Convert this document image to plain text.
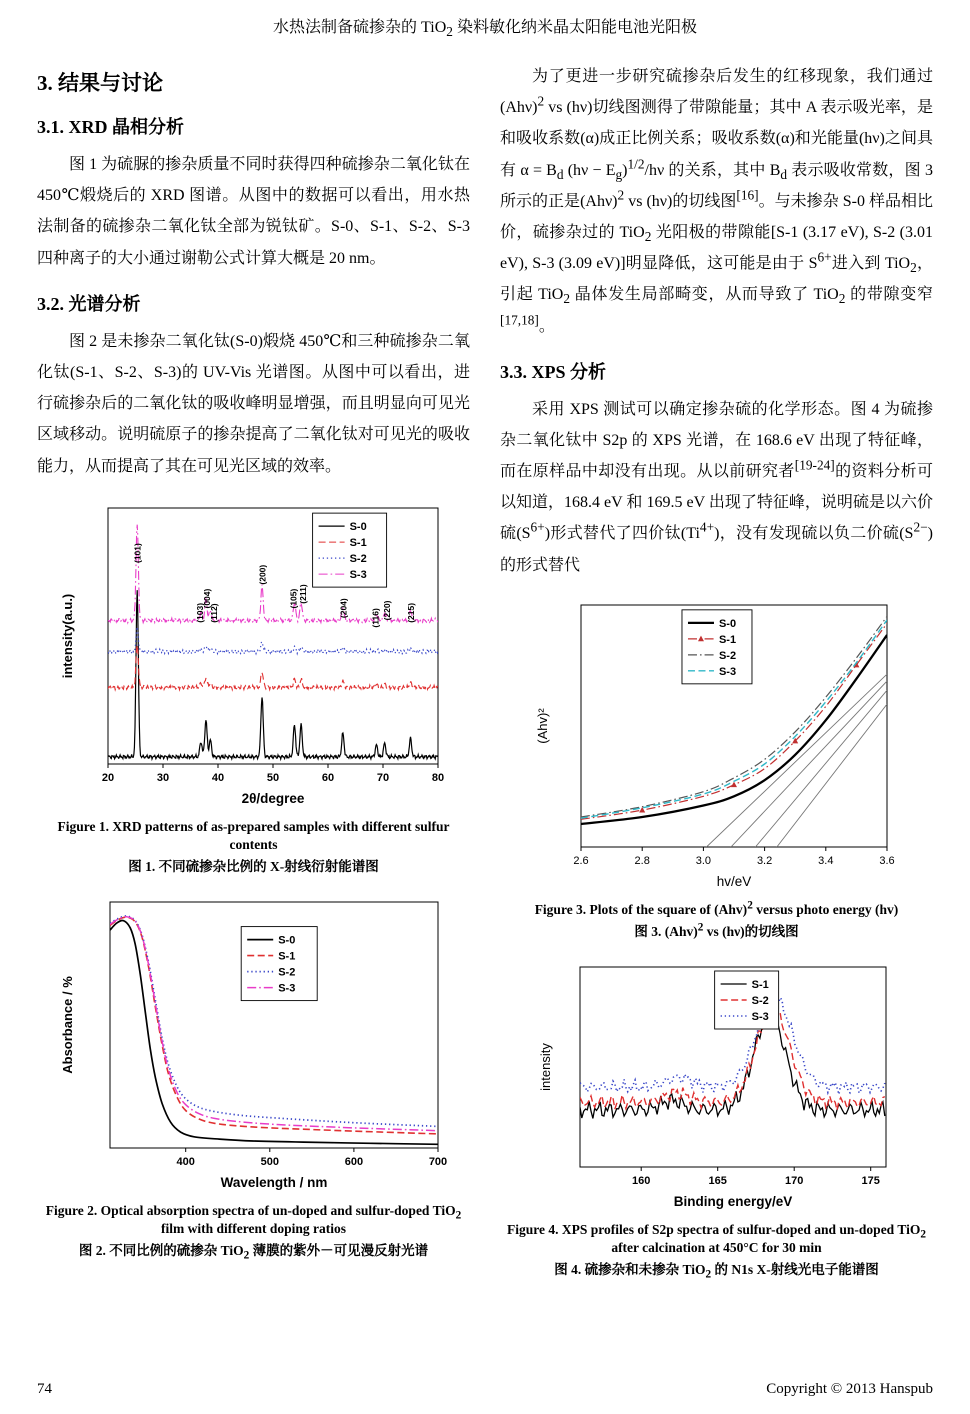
水热法制备硫掺杂的 TiO$_2$ 染料敏化纳米晶太阳能电池光阳极
3. 结果与讨论
3.1. XRD 晶相分析

图 1 为硫脲的掺杂质量不同时获得四种硫掺杂二氧化钛在 450℃煅烧后的 XRD 图谱。从图中的数据可以看出，用水热法制备的硫掺杂二氧化钛全部为锐钛矿。S-0、S-1、S-2、S-3 四种离子的大小通过谢勒公式计算大概是 20 nm。

3.2. 光谱分析

图 2 是未掺杂二氧化钛(S-0)煅烧 450℃和三种硫掺杂二氧化钛(S-1、S-2、S-3)的 UV-Vis 光谱图。从图中可以看出，进行硫掺杂后的二氧化钛的吸收峰明显增强，而且明显向可见光区域移动。说明硫原子的掺杂提高了二氧化钛对可见光的吸收能力，从而提高了其在可见光区域的效率。

20	30	40	50	60	70	80
2θ/degree
intensity(a.u.)
(101)
(103)
(004)
(112)
(200)
(105) (211)
(204)	(116) (220) (215)
S-0
S-1
S-2
S-3
Figure 1. XRD patterns of as-prepared samples with different sulfur contents
图 1. 不同硫掺杂比例的 X-射线衍射能谱图
400	500	600	700
Wavelength / nm
Absorbance / %
S-0
S-1
S-2
S-3
Figure 2. Optical absorption spectra of un-doped and sulfur-doped TiO$_2$ film with different doping ratios
图 2. 不同比例的硫掺杂 TiO$_2$ 薄膜的紫外－可见漫反射光谱

为了更进一步研究硫掺杂后发生的红移现象，我们通过$(Ah\nu)^2$ vs (hν)切线图测得了带隙能量；其中 A 表示吸光率，是和吸收系数(α)成正比例关系；吸收系数(α)和光能量(hν)之间具有 $\alpha = B_d$ $(h\nu - E_g)^{1/2}/h\nu$ 的关系，其中 $B_d$ 表示吸收常数，图 3 所示的正是$(Ah\nu)^2$ vs (hν)的切线图[16]。与未掺杂 S-0 样品相比价，硫掺杂过的 TiO$_2$ 光阳极的带隙能[S-1 (3.17 eV), S-2 (3.01 eV), S-3 (3.09 eV)]明显降低，这可能是由于 $S^{6+}$进入到 TiO$_2$，引起 TiO$_2$ 晶体发生局部畸变，从而导致了 TiO$_2$ 的带隙变窄[17,18]。

3.3. XPS 分析

采用 XPS 测试可以确定掺杂硫的化学形态。图 4 为硫掺杂二氧化钛中 S2p 的 XPS 光谱，在 168.6 eV 出现了特征峰，而在原样品中却没有出现。从以前研究者[19-24]的资料分析可以知道，168.4 eV 和 169.5 eV 出现了特征峰，说明硫是以六价硫$(S^{6+})$形式替代了四价钛$(Ti^{4+})$，没有发现硫以负二价硫$(S^{2-})$的形式替代

2.6	2.8	3.0	3.2	3.4	3.6
hv/eV
(Ahv)²
S-0
S-1
S-2
S-3
Figure 3. Plots of the square of (Ahv)$^2$ versus photo energy (hv)
图 3. (Ahv)$^2$ vs (hν)的切线图
160	165	170	175
Binding energy/eV
intensity
S-1
S-2
S-3
Figure 4. XPS profiles of S2p spectra of sulfur-doped and un-doped TiO$_2$ after calcination at 450°C for 30 min
图 4. 硫掺杂和未掺杂 TiO$_2$ 的 N1s X-射线光电子能谱图
74	Copyright © 2013 Hanspub
